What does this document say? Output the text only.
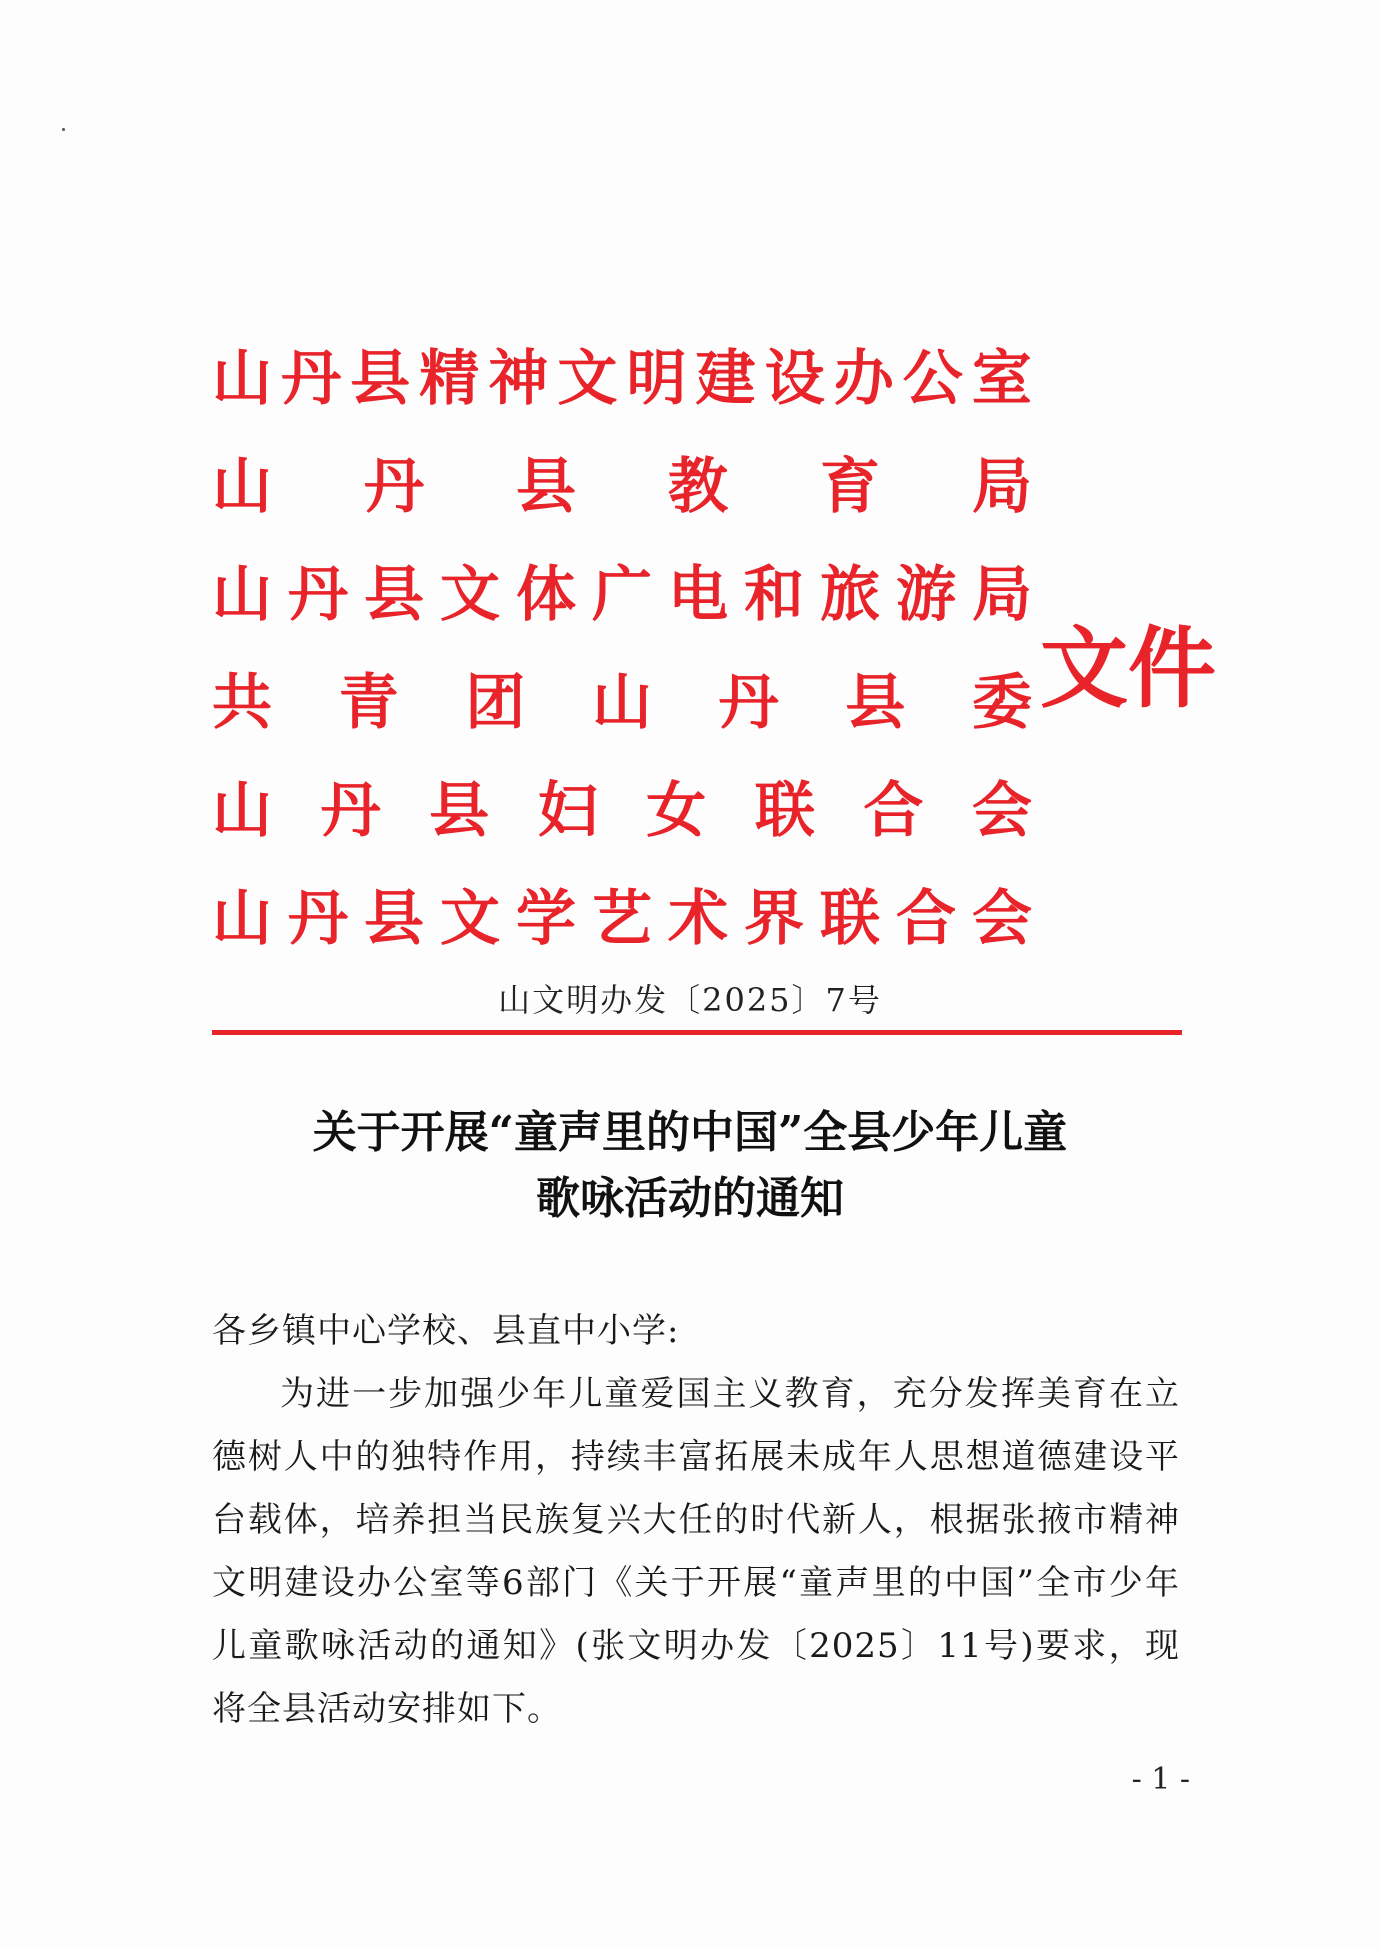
山 丹 县 精 神 文 明 建 设 办 公 室
山 丹 县 教 育 局
山 丹 县 文 体 广 电 和 旅 游 局
共 青 团 山 丹 县 委
山 丹 县 妇 女 联 合 会
山 丹 县 文 学 艺 术 界 联 合 会
文件
山文明办发〔2025〕7号
关于开展“童声里的中国”全县少年儿童
歌咏活动的通知
各乡镇中心学校、县直中小学:
为进一步加强少年儿童爱国主义教育，充分发挥美育在立德树人中的独特作用，持续丰富拓展未成年人思想道德建设平台载体，培养担当民族复兴大任的时代新人，根据张掖市精神文明建设办公室等6部门《关于开展“童声里的中国”全市少年儿童歌咏活动的通知》(张文明办发〔2025〕11号)要求，现将全县活动安排如下。
- 1 -
